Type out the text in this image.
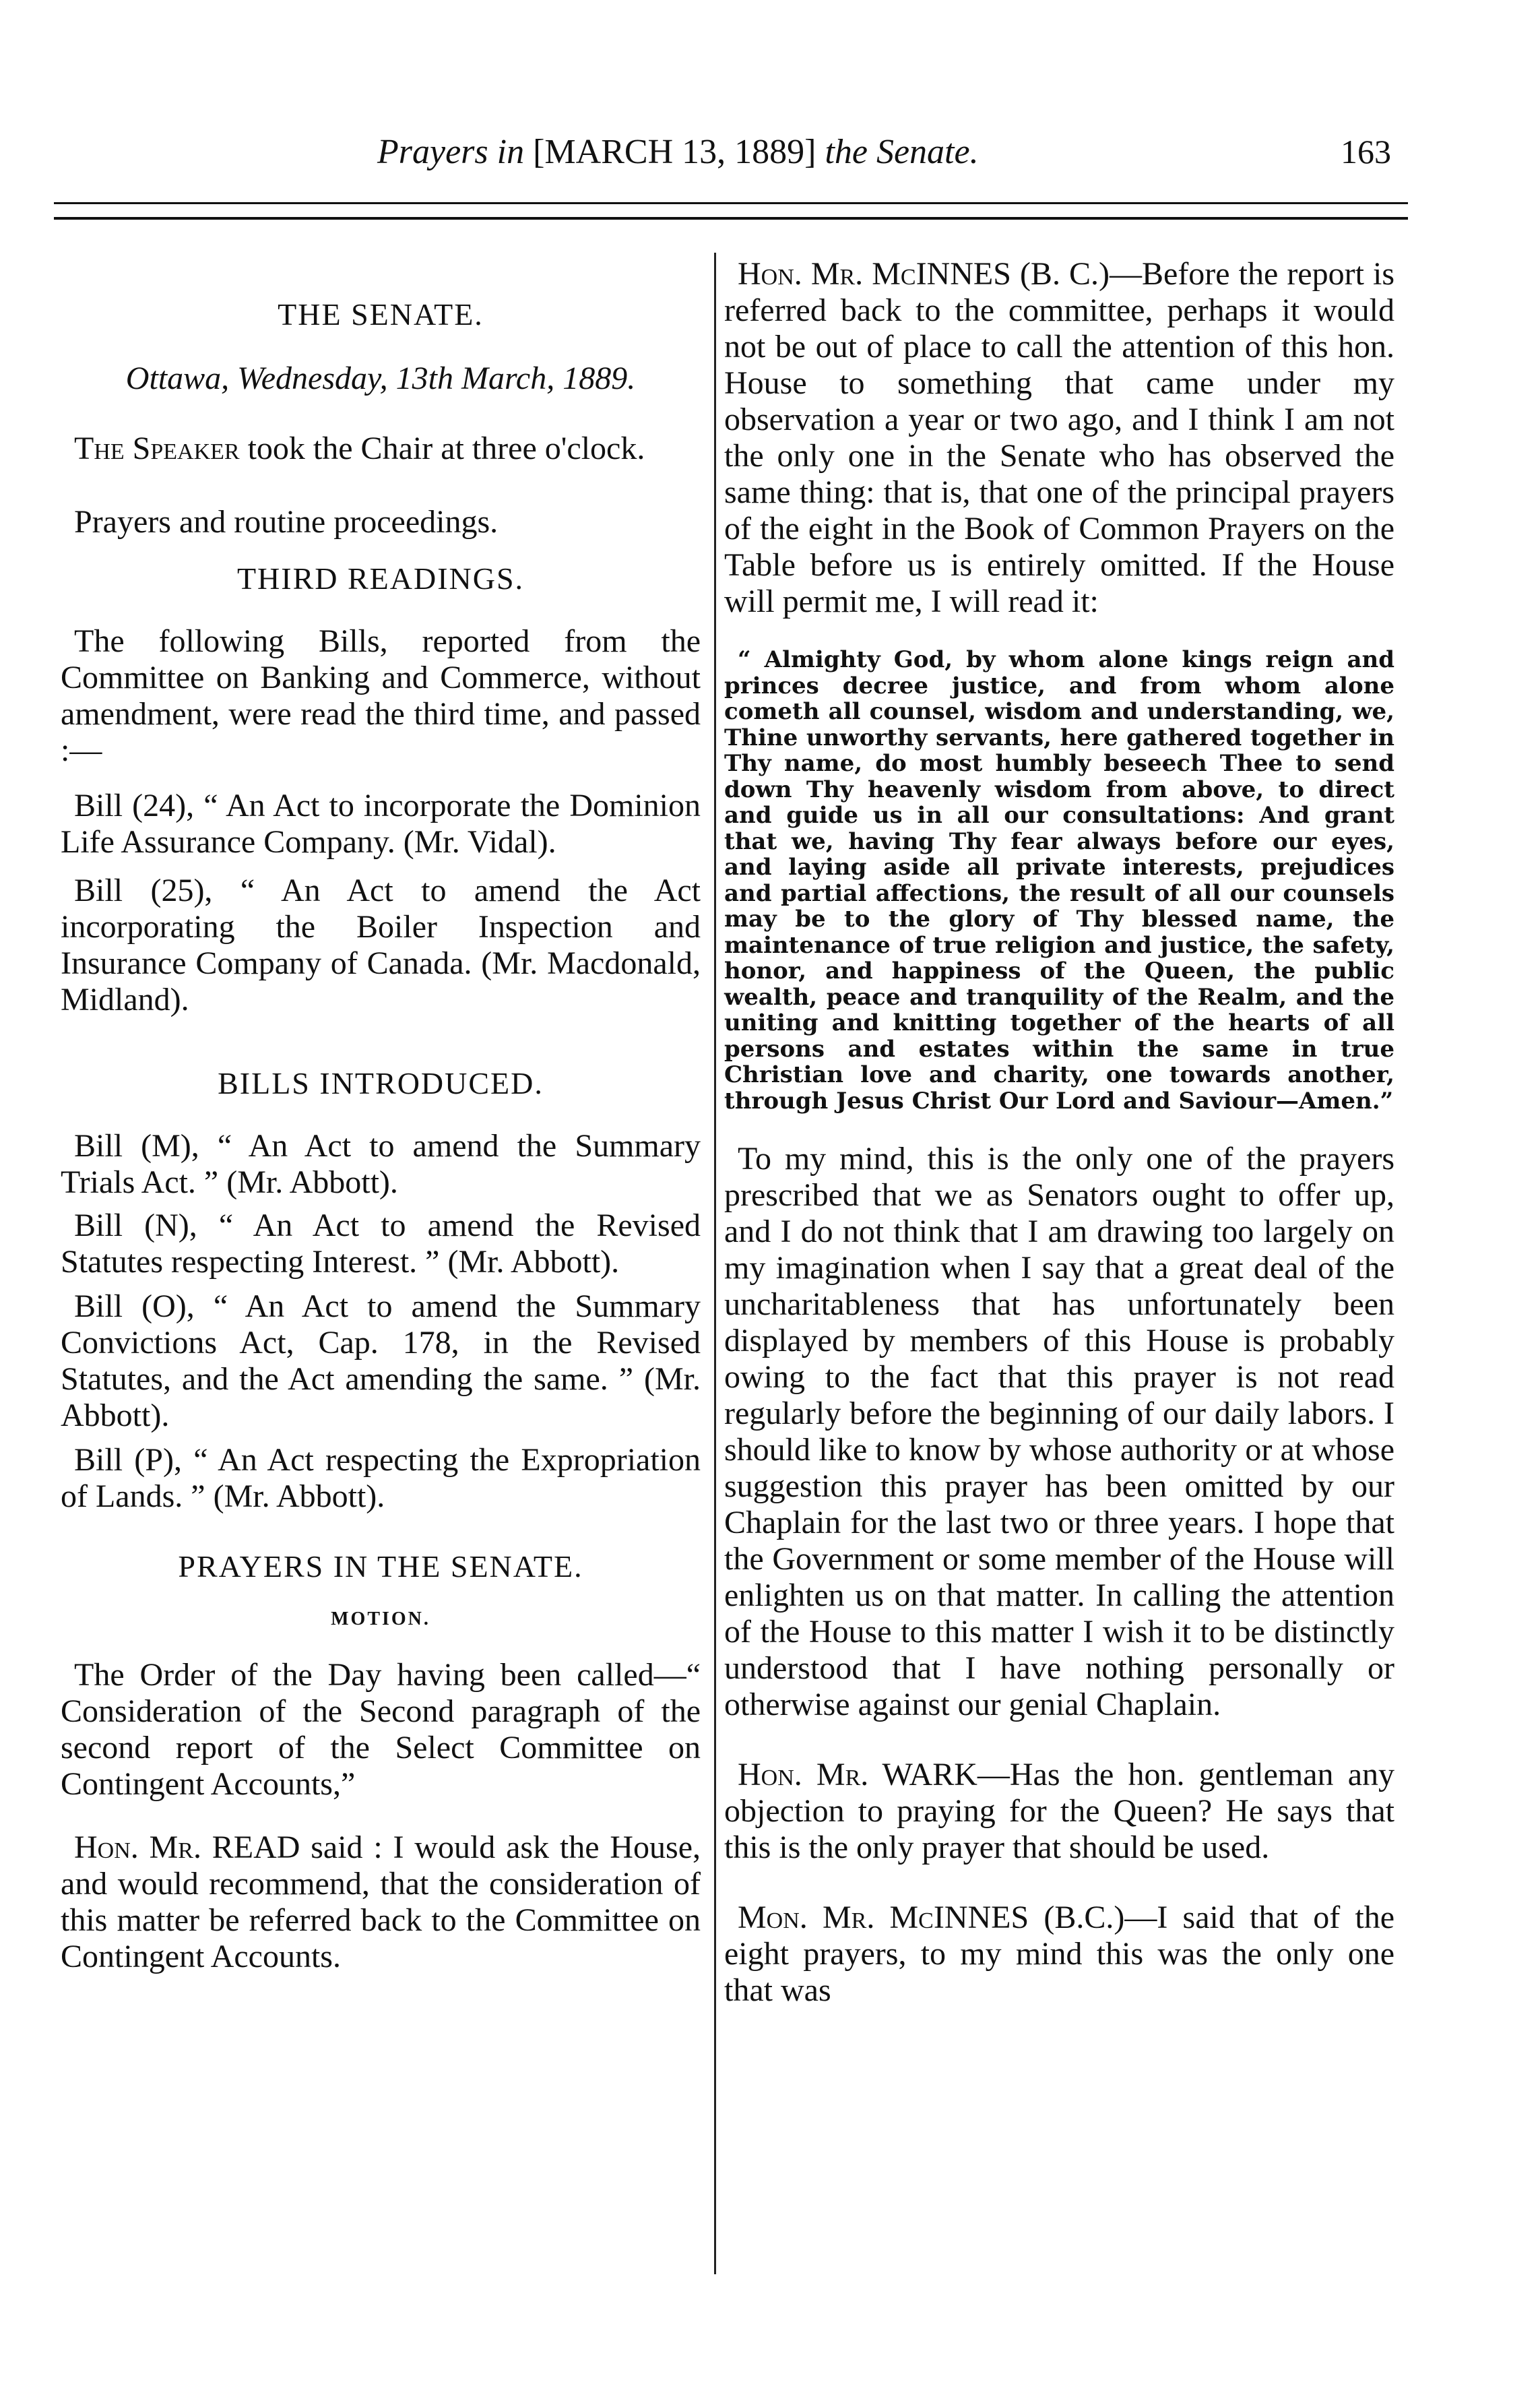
Prayers in [MARCH 13, 1889] the Senate.	163

THE SENATE.

Ottawa, Wednesday, 13th March, 1889.

The Speaker took the Chair at three o'clock.

Prayers and routine proceedings.

THIRD READINGS.

The following Bills, reported from the Committee on Banking and Commerce, without amendment, were read the third time, and passed :—

Bill (24), “ An Act to incorporate the Dominion Life Assurance Company. (Mr. Vidal).

Bill (25), “ An Act to amend the Act incorporating the Boiler Inspection and Insurance Company of Canada. (Mr. Macdonald, Midland).

BILLS INTRODUCED.

Bill (M), “ An Act to amend the Summary Trials Act. ” (Mr. Abbott).

Bill (N), “ An Act to amend the Revised Statutes respecting Interest. ” (Mr. Abbott).

Bill (O), “ An Act to amend the Summary Convictions Act, Cap. 178, in the Revised Statutes, and the Act amending the same. ” (Mr. Abbott).

Bill (P), “ An Act respecting the Expropriation of Lands. ” (Mr. Abbott).

PRAYERS IN THE SENATE.

MOTION.

The Order of the Day having been called—“ Consideration of the Second paragraph of the second report of the Select Committee on Contingent Accounts,”

Hon. Mr. READ said : I would ask the House, and would recommend, that the consideration of this matter be referred back to the Committee on Contingent Accounts.

Hon. Mr. McINNES (B. C.)—Before the report is referred back to the committee, perhaps it would not be out of place to call the attention of this hon. House to something that came under my observation a year or two ago, and I think I am not the only one in the Senate who has observed the same thing: that is, that one of the principal prayers of the eight in the Book of Common Prayers on the Table before us is entirely omitted. If the House will permit me, I will read it:

“ Almighty God, by whom alone kings reign and princes decree justice, and from whom alone cometh all counsel, wisdom and understanding, we, Thine unworthy servants, here gathered together in Thy name, do most humbly beseech Thee to send down Thy heavenly wisdom from above, to direct and guide us in all our consultations: And grant that we, having Thy fear always before our eyes, and laying aside all private interests, prejudices and partial affections, the result of all our counsels may be to the glory of Thy blessed name, the maintenance of true religion and justice, the safety, honor, and happiness of the Queen, the public wealth, peace and tranquility of the Realm, and the uniting and knitting together of the hearts of all persons and estates within the same in true Christian love and charity, one towards another, through Jesus Christ Our Lord and Saviour—Amen.”

To my mind, this is the only one of the prayers prescribed that we as Senators ought to offer up, and I do not think that I am drawing too largely on my imagination when I say that a great deal of the uncharitableness that has unfortunately been displayed by members of this House is probably owing to the fact that this prayer is not read regularly before the beginning of our daily labors. I should like to know by whose authority or at whose suggestion this prayer has been omitted by our Chaplain for the last two or three years. I hope that the Government or some member of the House will enlighten us on that matter. In calling the attention of the House to this matter I wish it to be distinctly understood that I have nothing personally or otherwise against our genial Chaplain.

Hon. Mr. WARK—Has the hon. gentleman any objection to praying for the Queen? He says that this is the only prayer that should be used.

Mon. Mr. McINNES (B.C.)—I said that of the eight prayers, to my mind this was the only one that was
